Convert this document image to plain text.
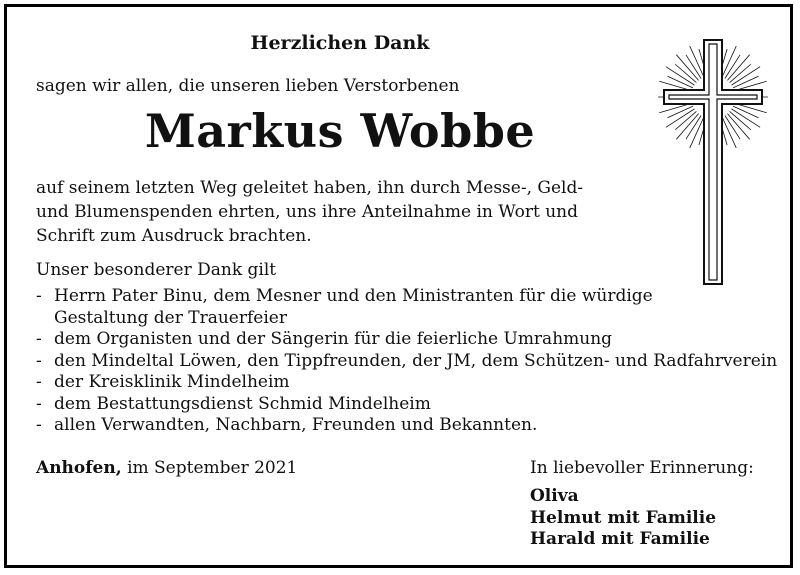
Herzlichen Dank
sagen wir allen, die unseren lieben Verstorbenen
Markus Wobbe
auf seinem letzten Weg geleitet haben, ihn durch Messe-, Geld-
und Blumenspenden ehrten, uns ihre Anteilnahme in Wort und
Schrift zum Ausdruck brachten.
Unser besonderer Dank gilt
- Herrn Pater Binu, dem Mesner und den Ministranten für die würdige
Gestaltung der Trauerfeier
- dem Organisten und der Sängerin für die feierliche Umrahmung
- den Mindeltal Löwen, den Tippfreunden, der JM, dem Schützen- und Radfahrverein
- der Kreisklinik Mindelheim
- dem Bestattungsdienst Schmid Mindelheim
- allen Verwandten, Nachbarn, Freunden und Bekannten.
Anhofen, im September 2021	In liebevoller Erinnerung:
Oliva
Helmut mit Familie
Harald mit Familie
